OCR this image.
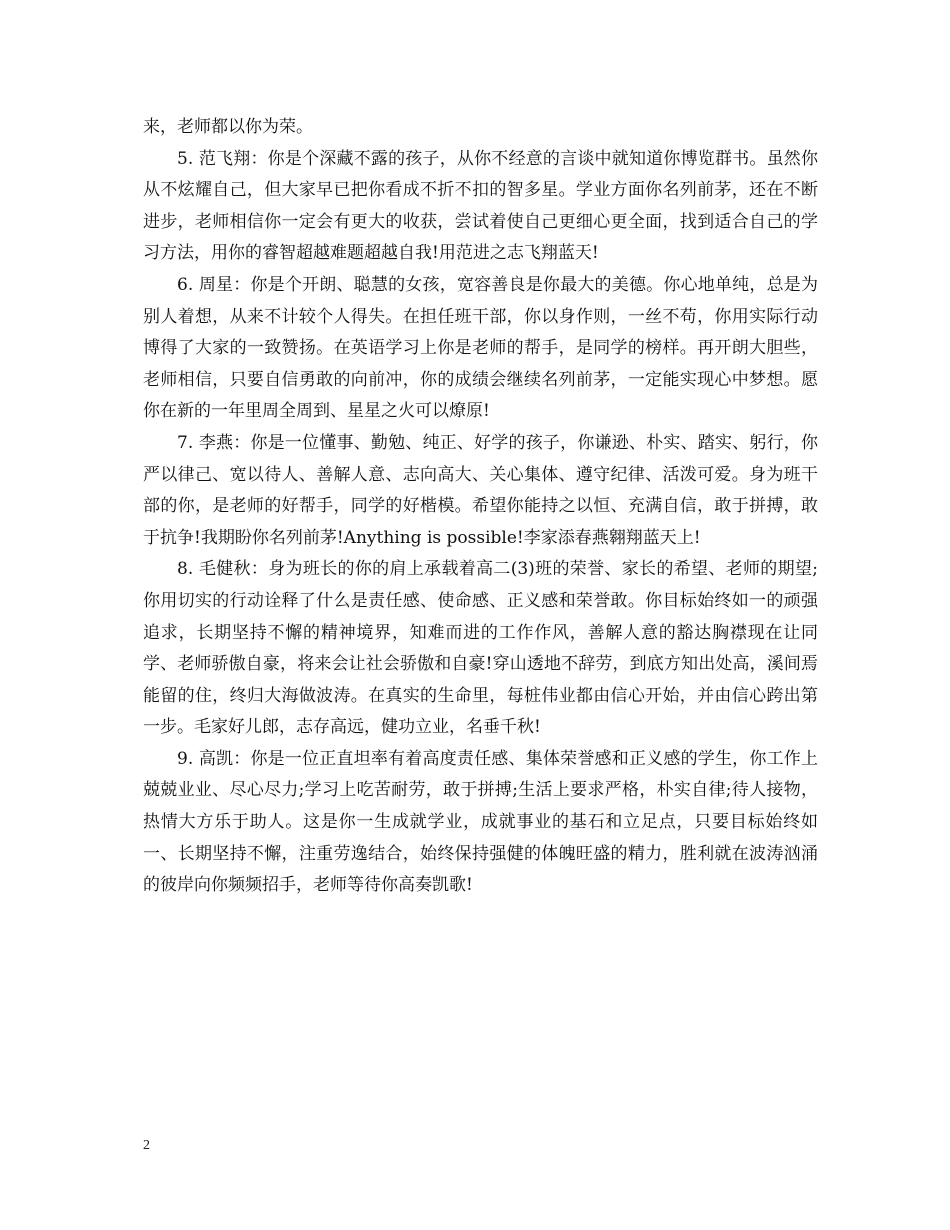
来，老师都以你为荣。

5. 范飞翔：你是个深藏不露的孩子，从你不经意的言谈中就知道你博览群书。虽然你从不炫耀自己，但大家早已把你看成不折不扣的智多星。学业方面你名列前茅，还在不断进步，老师相信你一定会有更大的收获，尝试着使自己更细心更全面，找到适合自己的学习方法，用你的睿智超越难题超越自我!用范进之志飞翔蓝天!

6. 周星：你是个开朗、聪慧的女孩，宽容善良是你最大的美德。你心地单纯，总是为别人着想，从来不计较个人得失。在担任班干部，你以身作则，一丝不苟，你用实际行动博得了大家的一致赞扬。在英语学习上你是老师的帮手，是同学的榜样。再开朗大胆些，老师相信，只要自信勇敢的向前冲，你的成绩会继续名列前茅，一定能实现心中梦想。愿你在新的一年里周全周到、星星之火可以燎原!

7. 李燕：你是一位懂事、勤勉、纯正、好学的孩子，你谦逊、朴实、踏实、躬行，你严以律己、宽以待人、善解人意、志向高大、关心集体、遵守纪律、活泼可爱。身为班干部的你，是老师的好帮手，同学的好楷模。希望你能持之以恒、充满自信，敢于拼搏，敢于抗争!我期盼你名列前茅!Anything is possible!李家添春燕翱翔蓝天上!

8. 毛健秋：身为班长的你的肩上承载着高二(3)班的荣誉、家长的希望、老师的期望;你用切实的行动诠释了什么是责任感、使命感、正义感和荣誉敢。你目标始终如一的顽强追求，长期坚持不懈的精神境界，知难而进的工作作风，善解人意的豁达胸襟现在让同学、老师骄傲自豪，将来会让社会骄傲和自豪!穿山透地不辞劳，到底方知出处高，溪间焉能留的住，终归大海做波涛。在真实的生命里，每桩伟业都由信心开始，并由信心跨出第一步。毛家好儿郎，志存高远，健功立业，名垂千秋!

9. 高凯：你是一位正直坦率有着高度责任感、集体荣誉感和正义感的学生，你工作上兢兢业业、尽心尽力;学习上吃苦耐劳，敢于拼搏;生活上要求严格，朴实自律;待人接物，热情大方乐于助人。这是你一生成就学业，成就事业的基石和立足点，只要目标始终如一、长期坚持不懈，注重劳逸结合，始终保持强健的体魄旺盛的精力，胜利就在波涛汹涌的彼岸向你频频招手，老师等待你高奏凯歌!

2
